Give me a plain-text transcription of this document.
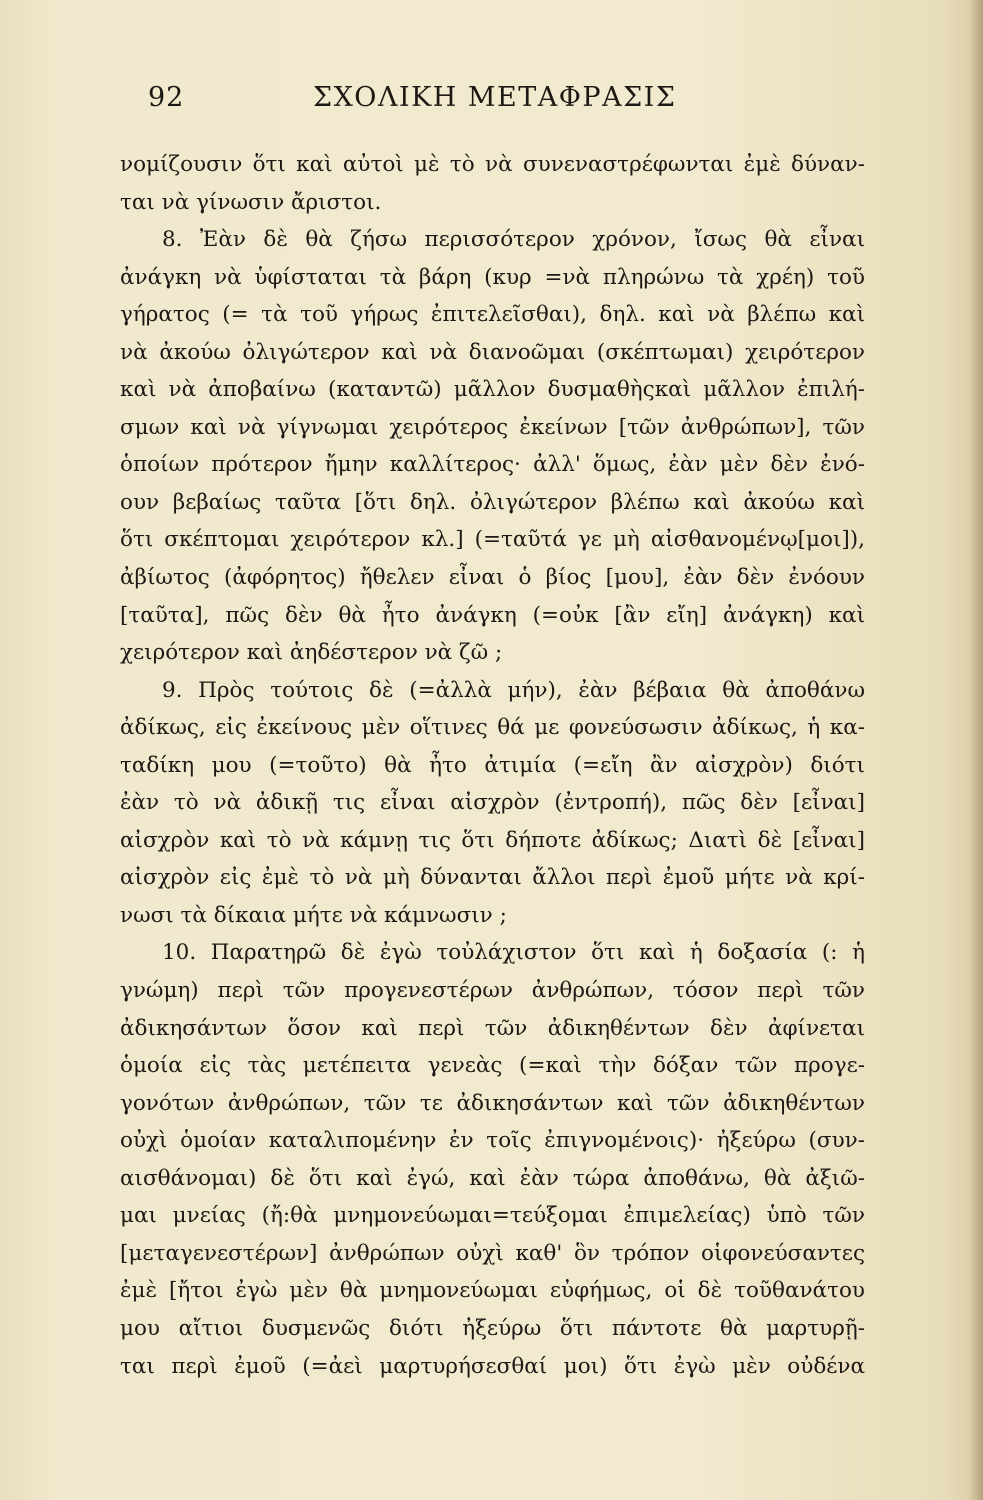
92	ΣΧΟΛΙΚΗ ΜΕΤΑΦΡΑΣΙΣ
νομίζουσιν ὅτι καὶ αὐτοὶ μὲ τὸ νὰ συνεναστρέφωνται ἐμὲ δύναν-
ται νὰ γίνωσιν ἄριστοι.
8. Ἐὰν δὲ θὰ ζήσω περισσότερον χρόνον, ἴσως θὰ εἶναι
ἀνάγκη νὰ ὑφίσταται τὰ βάρη (κυρ =νὰ πληρώνω τὰ χρέη) τοῦ
γήρατος (= τὰ τοῦ γήρως ἐπιτελεῖσθαι), δηλ. καὶ νὰ βλέπω καὶ
νὰ ἀκούω ὀλιγώτερον καὶ νὰ διανοῶμαι (σκέπτωμαι) χειρότερον
καὶ νὰ ἀποβαίνω (καταντῶ) μᾶλλον δυσμαθὴςκαὶ μᾶλλον ἐπιλή-
σμων καὶ νὰ γίγνωμαι χειρότερος ἐκείνων [τῶν ἀνθρώπων], τῶν
ὁποίων πρότερον ἤμην καλλίτερος· ἀλλ' ὅμως, ἐὰν μὲν δὲν ἐνό-
ουν βεβαίως ταῦτα [ὅτι δηλ. ὀλιγώτερον βλέπω καὶ ἀκούω καὶ
ὅτι σκέπτομαι χειρότερον κλ.] (=ταῦτά γε μὴ αἰσθανομένῳ[μοι]),
ἀβίωτος (ἀφόρητος) ἤθελεν εἶναι ὁ βίος [μου], ἐὰν δὲν ἐνόουν
[ταῦτα], πῶς δὲν θὰ ἦτο ἀνάγκη (=οὐκ [ἂν εἴη] ἀνάγκη) καὶ
χειρότερον καὶ ἀηδέστερον νὰ ζῶ ;
9. Πρὸς τούτοις δὲ (=ἀλλὰ μήν), ἐὰν βέβαια θὰ ἀποθάνω
ἀδίκως, εἰς ἐκείνους μὲν οἵτινες θά με φονεύσωσιν ἀδίκως, ἡ κα-
ταδίκη μου (=τοῦτο) θὰ ἦτο ἀτιμία (=εἴη ἂν αἰσχρὸν) διότι
ἐὰν τὸ νὰ ἀδικῇ τις εἶναι αἰσχρὸν (ἐντροπή), πῶς δὲν [εἶναι]
αἰσχρὸν καὶ τὸ νὰ κάμνῃ τις ὅτι δήποτε ἀδίκως; Διατὶ δὲ [εἶναι]
αἰσχρὸν εἰς ἐμὲ τὸ νὰ μὴ δύνανται ἄλλοι περὶ ἐμοῦ μήτε νὰ κρί-
νωσι τὰ δίκαια μήτε νὰ κάμνωσιν ;
10. Παρατηρῶ δὲ ἐγὼ τοὐλάχιστον ὅτι καὶ ἡ δοξασία (: ἡ
γνώμη) περὶ τῶν προγενεστέρων ἀνθρώπων, τόσον περὶ τῶν
ἀδικησάντων ὅσον καὶ περὶ τῶν ἀδικηθέντων δὲν ἀφίνεται
ὁμοία εἰς τὰς μετέπειτα γενεὰς (=καὶ τὴν δόξαν τῶν προγε-
γονότων ἀνθρώπων, τῶν τε ἀδικησάντων καὶ τῶν ἀδικηθέντων
οὐχὶ ὁμοίαν καταλιπομένην ἐν τοῖς ἐπιγνομένοις)· ἠξεύρω (συν-
αισθάνομαι) δὲ ὅτι καὶ ἐγώ, καὶ ἐὰν τώρα ἀποθάνω, θὰ ἀξιῶ-
μαι μνείας (ἤ:θὰ μνημονεύωμαι=τεύξομαι ἐπιμελείας) ὑπὸ τῶν
[μεταγενεστέρων] ἀνθρώπων οὐχὶ καθ' ὃν τρόπον οἱφονεύσαντες
ἐμὲ [ἤτοι ἐγὼ μὲν θὰ μνημονεύωμαι εὐφήμως, οἱ δὲ τοῦθανάτου
μου αἴτιοι δυσμενῶς διότι ἠξεύρω ὅτι πάντοτε θὰ μαρτυρῇ-
ται περὶ ἐμοῦ (=ἀεὶ μαρτυρήσεσθαί μοι) ὅτι ἐγὼ μὲν οὐδένα
